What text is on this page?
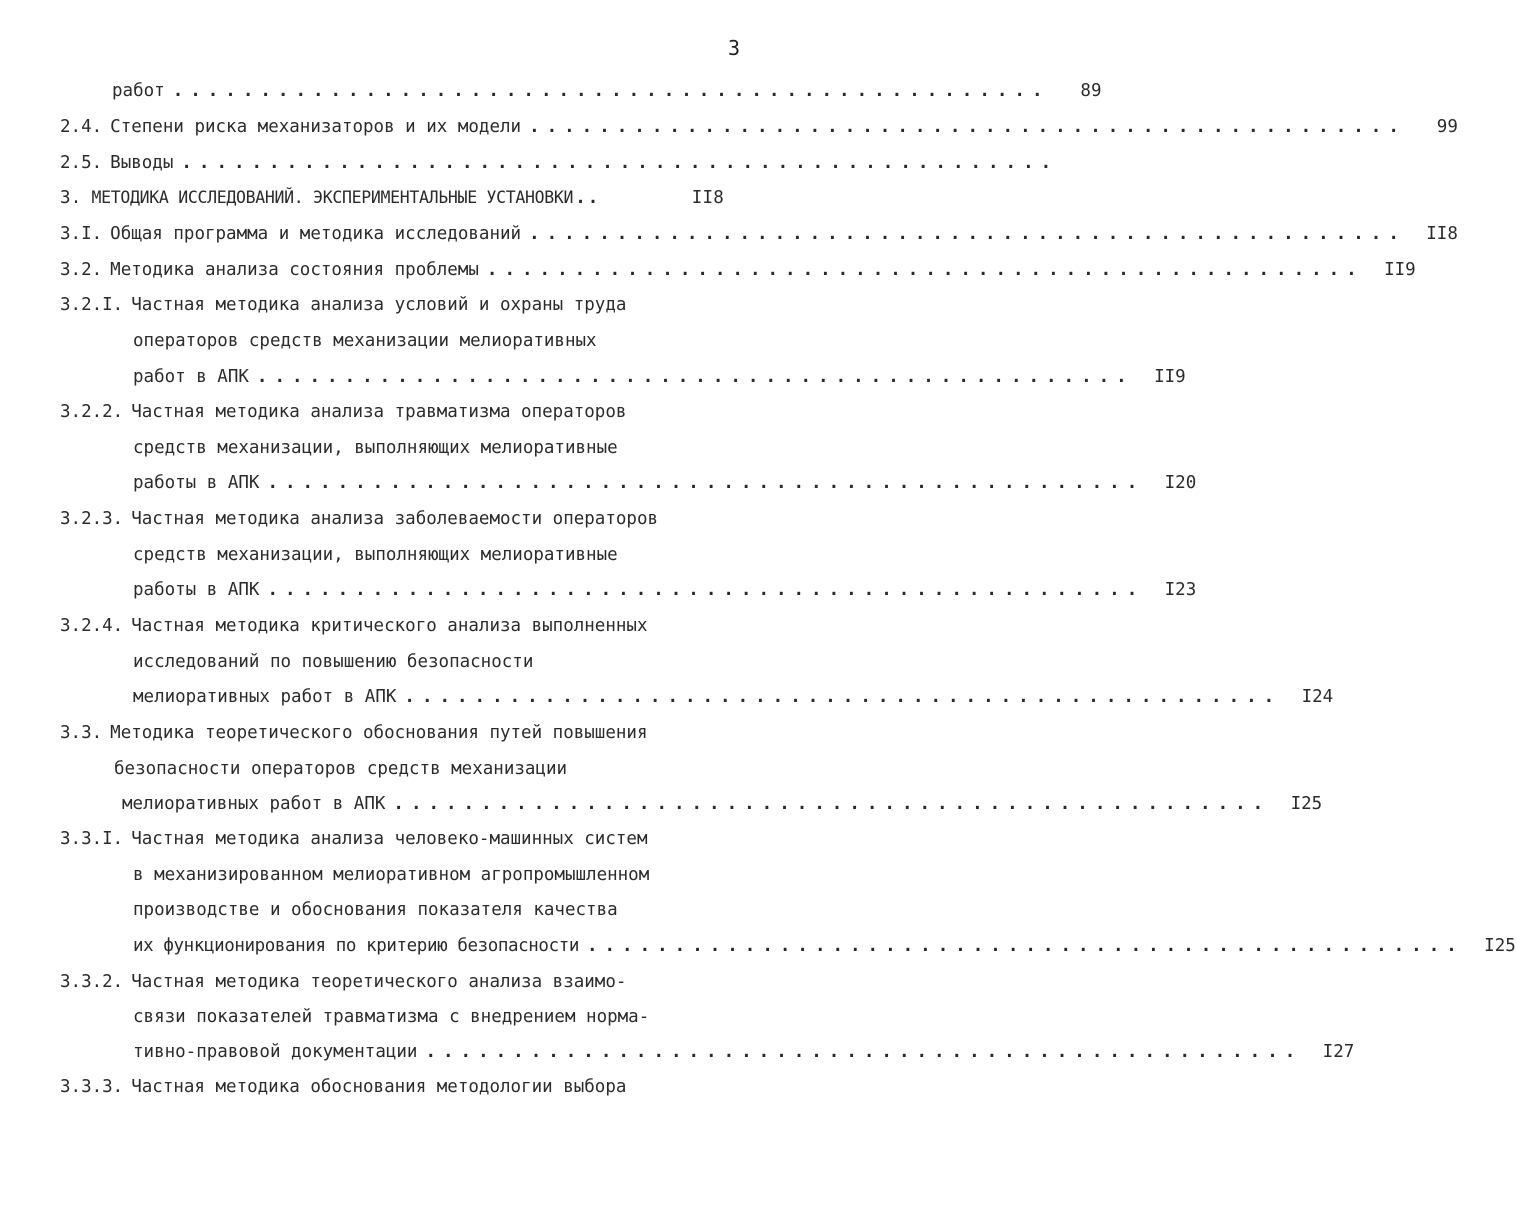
3
работ ..................................................	89
2.4. Степени риска механизаторов и их модели ..................................................	99
2.5. Выводы ..................................................
3. МЕТОДИКА ИССЛЕДОВАНИЙ. ЭКСПЕРИМЕНТАЛЬНЫЕ УСТАНОВКИ ..	II8
3.I. Общая программа и методика исследований ..................................................	II8
3.2. Методика анализа состояния проблемы ..................................................	II9
3.2.I. Частная методика анализа условий и охраны труда
операторов средств механизации мелиоративных
работ в АПК ..................................................	II9
3.2.2. Частная методика анализа травматизма операторов
средств механизации, выполняющих мелиоративные
работы в АПК ..................................................	I20
3.2.3. Частная методика анализа заболеваемости операторов
средств механизации, выполняющих мелиоративные
работы в АПК ..................................................	I23
3.2.4. Частная методика критического анализа выполненных
исследований по повышению безопасности
мелиоративных работ в АПК ..................................................	I24
3.3. Методика теоретического обоснования путей повышения
безопасности операторов средств механизации
мелиоративных работ в АПК ..................................................	I25
3.3.I. Частная методика анализа человеко-машинных систем
в механизированном мелиоративном агропромышленном
производстве и обоснования показателя качества
их функционирования по критерию безопасности ..................................................	I25
3.3.2. Частная методика теоретического анализа взаимо-
связи показателей травматизма с внедрением норма-
тивно-правовой документации ..................................................	I27
3.3.3. Частная методика обоснования методологии выбора
